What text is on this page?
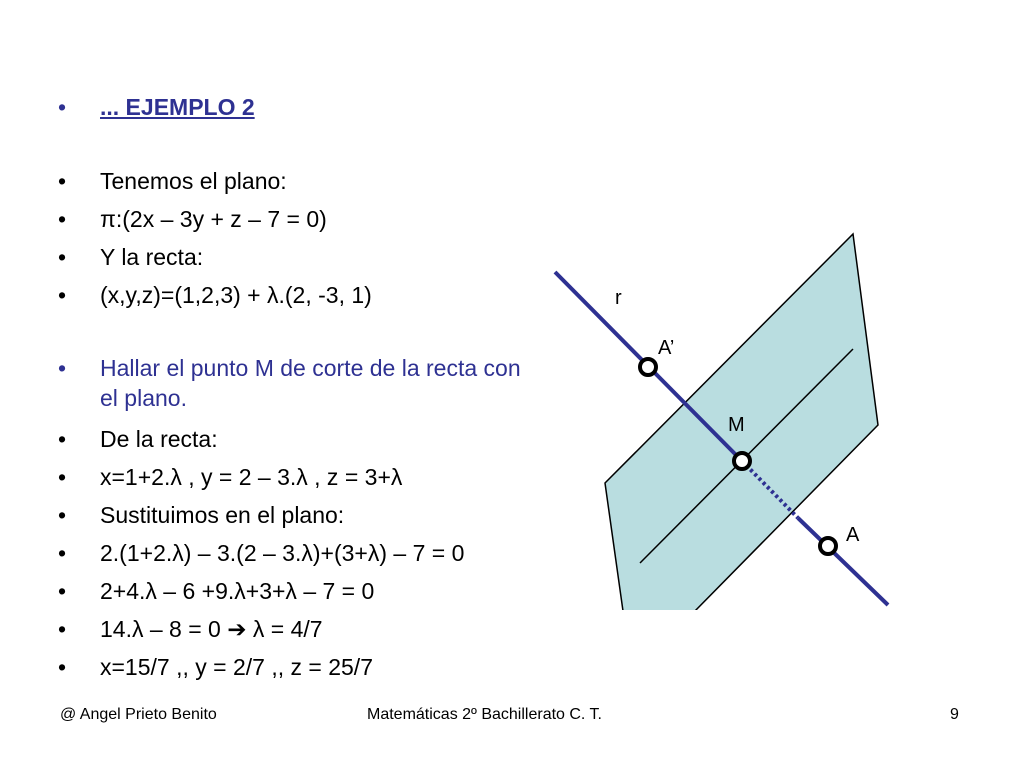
•	... EJEMPLO 2
•	Tenemos el plano:
•	π:(2x – 3y + z – 7 = 0)
•	Y la recta:
•	(x,y,z)=(1,2,3) + λ.(2, -3, 1)
•	Hallar el punto M de corte de la recta con el plano.
•	De la recta:
•	x=1+2.λ , y = 2 – 3.λ , z = 3+λ
•	Sustituimos en el plano:
•	2.(1+2.λ) – 3.(2 – 3.λ)+(3+λ) – 7 = 0
•	2+4.λ – 6 +9.λ+3+λ – 7 = 0
•	14.λ – 8 = 0 ➔ λ = 4/7
•	x=15/7 ,, y = 2/7 ,, z = 25/7
r
A’
M
A
@ Angel Prieto Benito	Matemáticas 2º Bachillerato C. T.	9
